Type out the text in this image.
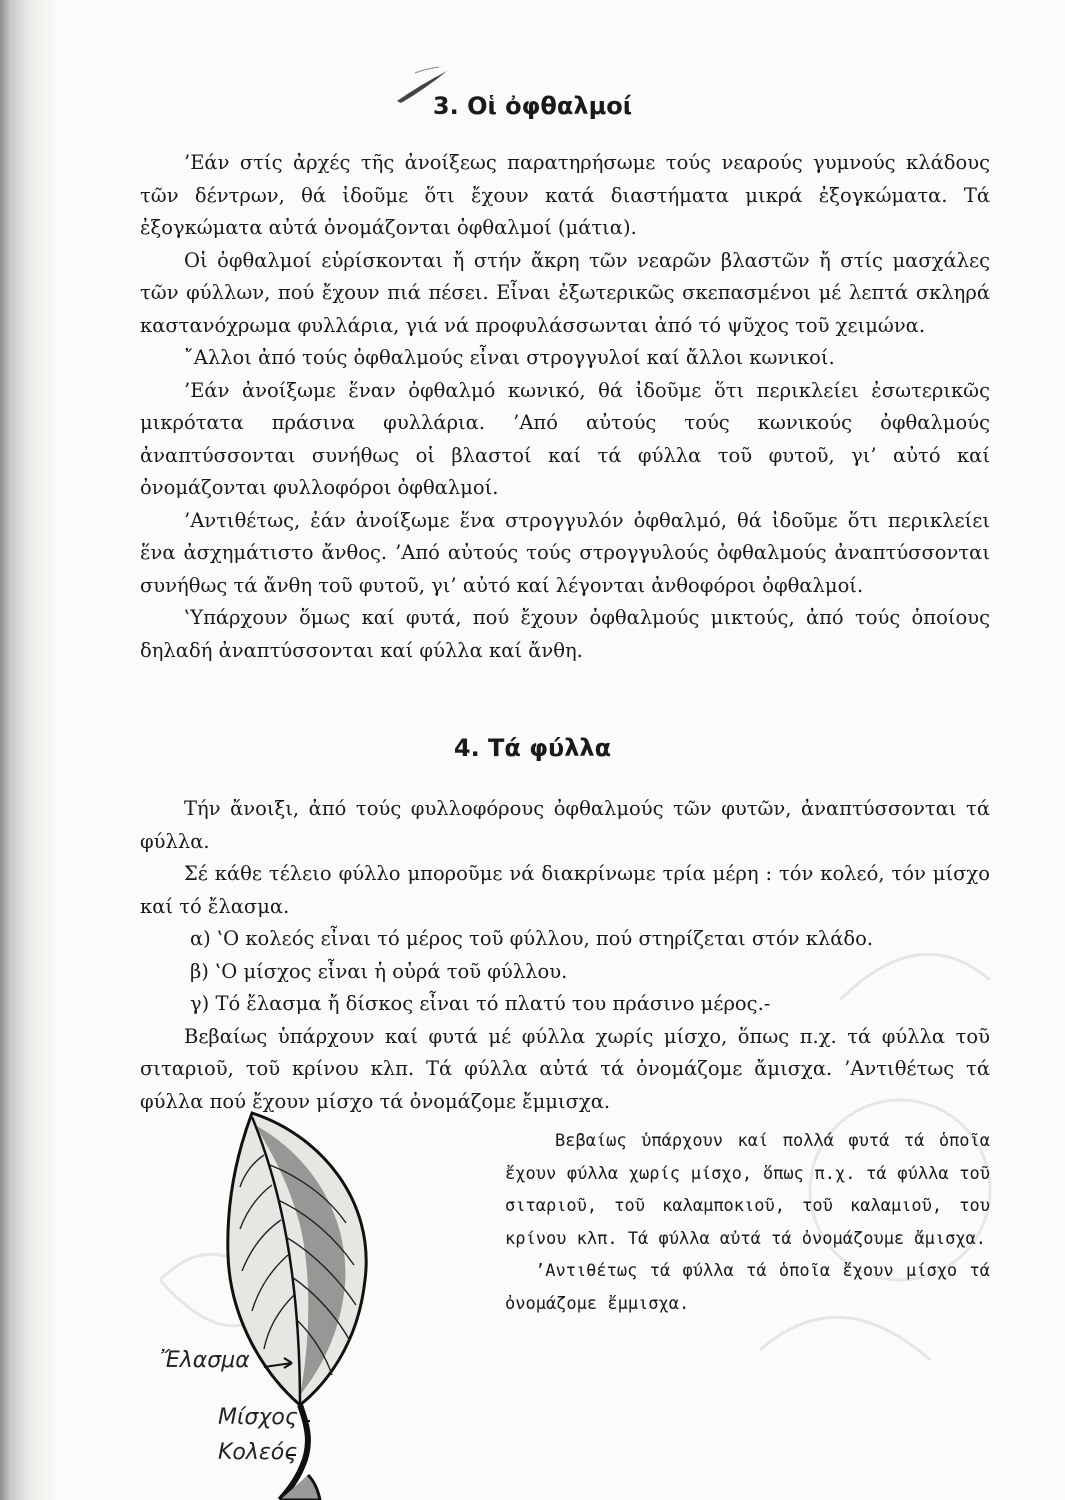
3. Οἱ ὀφθαλμοί

’Εάν στίς ἀρχές τῆς ἀνοίξεως παρατηρήσωμε τούς νεαρούς γυμνούς κλάδους τῶν δέντρων, θά ἰδοῦμε ὅτι ἔχουν κατά διαστήματα μικρά ἐξογκώματα. Τά ἐξογκώματα αὐτά ὀνομάζονται ὀφθαλμοί (μάτια).

Οἱ ὀφθαλμοί εὑρίσκονται ἤ στήν ἄκρη τῶν νεαρῶν βλαστῶν ἤ στίς μασχάλες τῶν φύλλων, πού ἔχουν πιά πέσει. Εἶναι ἐξωτερικῶς σκεπασμένοι μέ λεπτά σκληρά καστανόχρωμα φυλλάρια, γιά νά προφυλάσσωνται ἀπό τό ψῦχος τοῦ χειμώνα.

῎Αλλοι ἀπό τούς ὀφθαλμούς εἶναι στρογγυλοί καί ἄλλοι κωνικοί.

’Εάν ἀνοίξωμε ἕναν ὀφθαλμό κωνικό, θά ἰδοῦμε ὅτι περικλείει ἐσωτερικῶς μικρότατα πράσινα φυλλάρια. ’Από αὐτούς τούς κωνικούς ὀφθαλμούς ἀναπτύσσονται συνήθως οἱ βλαστοί καί τά φύλλα τοῦ φυτοῦ, γι’ αὐτό καί ὀνομάζονται φυλλοφόροι ὀφθαλμοί.

’Αντιθέτως, ἐάν ἀνοίξωμε ἕνα στρογγυλόν ὀφθαλμό, θά ἰδοῦμε ὅτι περικλείει ἕνα ἀσχημάτιστο ἄνθος. ’Από αὐτούς τούς στρογγυλούς ὀφθαλμούς ἀναπτύσσονται συνήθως τά ἄνθη τοῦ φυτοῦ, γι’ αὐτό καί λέγονται ἀνθοφόροι ὀφθαλμοί.

‛Υπάρχουν ὅμως καί φυτά, πού ἔχουν ὀφθαλμούς μικτούς, ἀπό τούς ὁποίους δηλαδή ἀναπτύσσονται καί φύλλα καί ἄνθη.

4. Τά φύλλα

Τήν ἄνοιξι, ἀπό τούς φυλλοφόρους ὀφθαλμούς τῶν φυτῶν, ἀναπτύσσονται τά φύλλα.

Σέ κάθε τέλειο φύλλο μποροῦμε νά διακρίνωμε τρία μέρη : τόν κολεό, τόν μίσχο καί τό ἔλασμα.

α) ‛Ο κολεός εἶναι τό μέρος τοῦ φύλλου, πού στηρίζεται στόν κλάδο.

β) ‛Ο μίσχος εἶναι ἡ οὐρά τοῦ φύλλου.

γ) Τό ἔλασμα ἤ δίσκος εἶναι τό πλατύ του πράσινο μέρος.-

Βεβαίως ὑπάρχουν καί φυτά μέ φύλλα χωρίς μίσχο, ὅπως π.χ. τά φύλλα τοῦ σιταριοῦ, τοῦ κρίνου κλπ. Τά φύλλα αὐτά τά ὀνομάζομε ἄμισχα. ’Αντιθέτως τά φύλλα πού ἔχουν μίσχο τά ὀνομάζομε ἔμμισχα.

Βεβαίως ὑπάρχουν καί πολλά φυτά τά ὁποῖα ἔχουν φύλλα χωρίς μίσχο, ὅπως π.χ. τά φύλλα τοῦ σιταριοῦ, τοῦ καλαμποκιοῦ, τοῦ καλαμιοῦ, του κρίνου κλπ. Τά φύλλα αὐτά τά ὀνομάζουμε ἄμισχα.

’Αντιθέτως τά φύλλα τά ὁποῖα ἔχουν μίσχο τά ὀνομάζομε ἔμμισχα.

Ἔλασμα
Μίσχος
Κολεός
